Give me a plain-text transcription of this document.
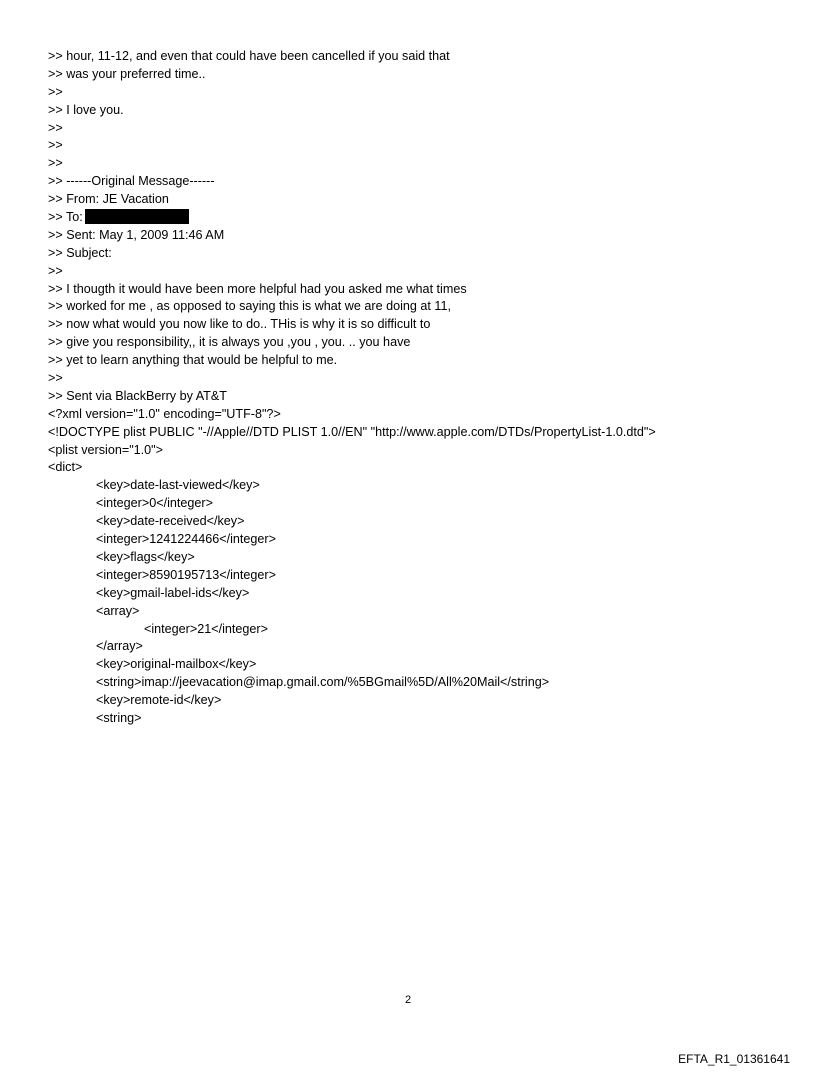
>> hour, 11-12, and even that could have been cancelled if you said that
>> was your preferred time..
>>
>> I love you.
>>
>>
>>
>> ------Original Message------
>> From: JE Vacation
>> To:
>> Sent: May 1, 2009 11:46 AM
>> Subject:
>>
>> I thougth it would have been more helpful had you asked me what times
>> worked for me , as opposed to saying this is what we are doing at 11,
>> now what would you now like to do.. THis is why it is so difficult to
>> give you responsibility,, it is always you ,you , you. .. you have
>> yet to learn anything that would be helpful to me.
>>
>> Sent via BlackBerry by AT&T
<?xml version="1.0" encoding="UTF-8"?>
<!DOCTYPE plist PUBLIC "-//Apple//DTD PLIST 1.0//EN" "http://www.apple.com/DTDs/PropertyList-1.0.dtd">
<plist version="1.0">
<dict>
<key>date-last-viewed</key>
<integer>0</integer>
<key>date-received</key>
<integer>1241224466</integer>
<key>flags</key>
<integer>8590195713</integer>
<key>gmail-label-ids</key>
<array>
<integer>21</integer>
</array>
<key>original-mailbox</key>
<string>imap://jeevacation@imap.gmail.com/%5BGmail%5D/All%20Mail</string>
<key>remote-id</key>
<string>
2
EFTA_R1_01361641
